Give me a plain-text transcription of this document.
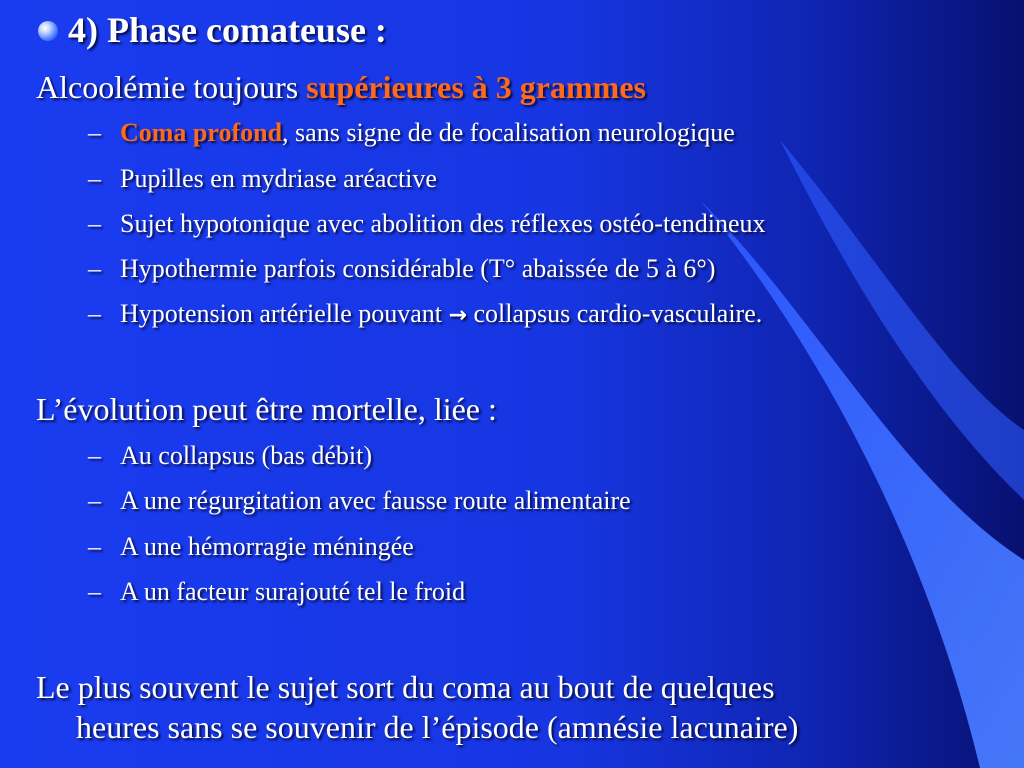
4) Phase comateuse :
Alcoolémie toujours supérieures à 3 grammes
– Coma profond, sans signe de de focalisation neurologique
– Pupilles en mydriase aréactive
– Sujet hypotonique avec abolition des réflexes ostéo-tendineux
– Hypothermie parfois considérable (T° abaissée de 5 à 6°)
– Hypotension artérielle pouvant → collapsus cardio-vasculaire.
L’évolution peut être mortelle, liée :
– Au collapsus (bas débit)
– A une régurgitation avec fausse route alimentaire
– A une hémorragie méningée
– A un facteur surajouté tel le froid
Le plus souvent le sujet sort du coma au bout de quelques
heures sans se souvenir de l’épisode (amnésie lacunaire)
